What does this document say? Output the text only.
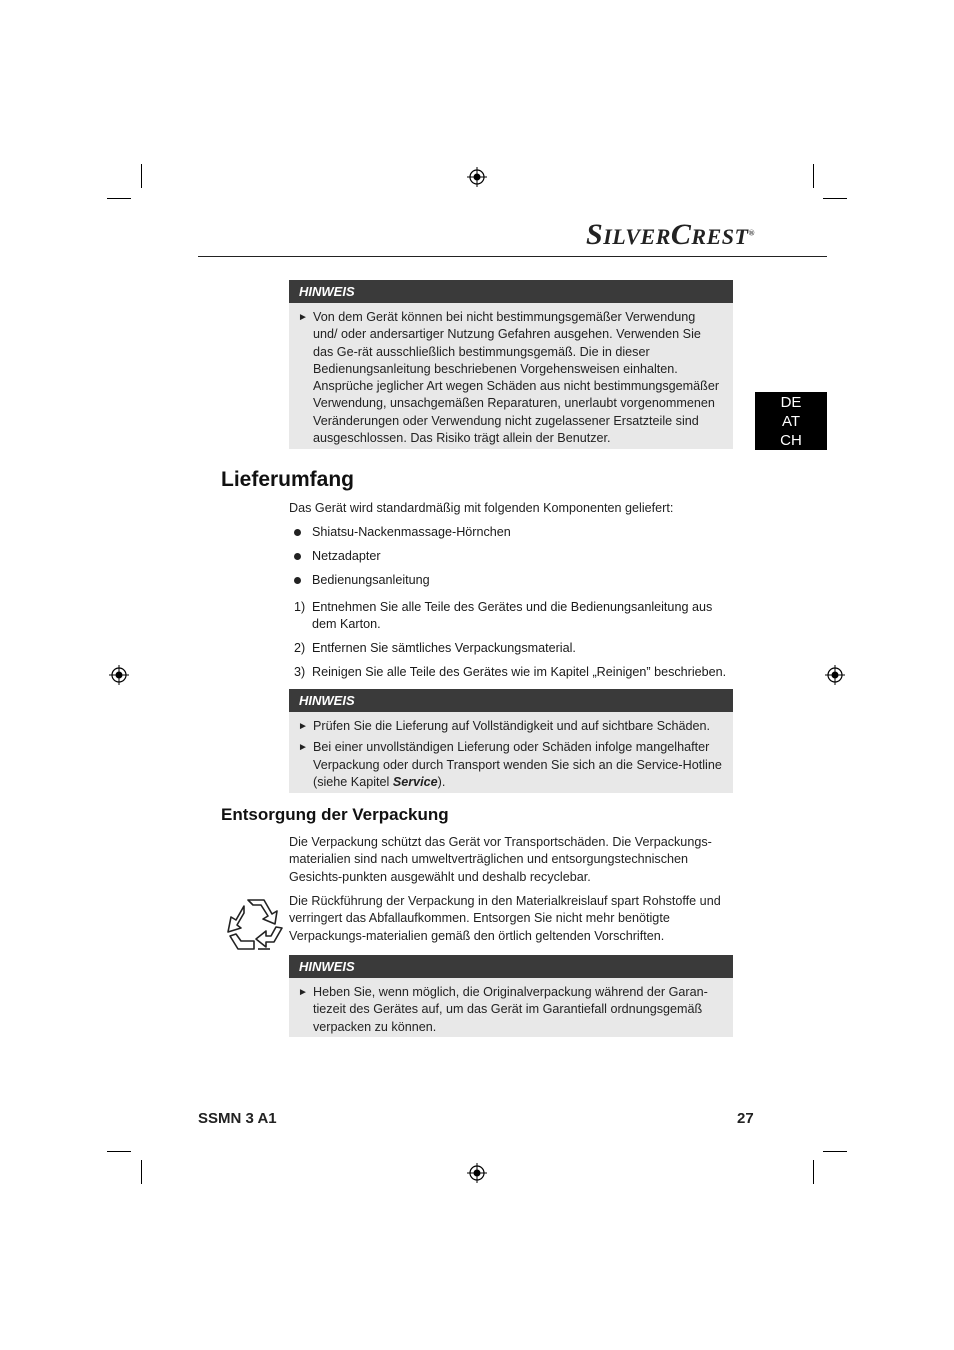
SILVERCREST®
DE
AT
CH
HINWEIS
► Von dem Gerät können bei nicht bestimmungsgemäßer Verwendung und/ oder andersartiger Nutzung Gefahren ausgehen. Verwenden Sie das Ge-rät ausschließlich bestimmungsgemäß. Die in dieser Bedienungsanleitung beschriebenen Vorgehensweisen einhalten. Ansprüche jeglicher Art wegen Schäden aus nicht bestimmungsgemäßer Verwendung, unsachgemäßen Reparaturen, unerlaubt vorgenommenen Veränderungen oder Verwendung nicht zugelassener Ersatzteile sind ausgeschlossen. Das Risiko trägt allein der Benutzer.
Lieferumfang
Das Gerät wird standardmäßig mit folgenden Komponenten geliefert:
Shiatsu-Nackenmassage-Hörnchen
Netzadapter
Bedienungsanleitung
1) Entnehmen Sie alle Teile des Gerätes und die Bedienungsanleitung aus dem Karton.
2) Entfernen Sie sämtliches Verpackungsmaterial.
3) Reinigen Sie alle Teile des Gerätes wie im Kapitel „Reinigen” beschrieben.
HINWEIS
► Prüfen Sie die Lieferung auf Vollständigkeit und auf sichtbare Schäden.
► Bei einer unvollständigen Lieferung oder Schäden infolge mangelhafter Verpackung oder durch Transport wenden Sie sich an die Service-Hotline (siehe Kapitel Service).
Entsorgung der Verpackung
Die Verpackung schützt das Gerät vor Transportschäden. Die Verpackungs-materialien sind nach umweltverträglichen und entsorgungstechnischen Gesichts-punkten ausgewählt und deshalb recyclebar.
Die Rückführung der Verpackung in den Materialkreislauf spart Rohstoffe und verringert das Abfallaufkommen. Entsorgen Sie nicht mehr benötigte Verpackungs-materialien gemäß den örtlich geltenden Vorschriften.
HINWEIS
► Heben Sie, wenn möglich, die Originalverpackung während der Garan-tiezeit des Gerätes auf, um das Gerät im Garantiefall ordnungsgemäß verpacken zu können.
SSMN 3 A1	27
